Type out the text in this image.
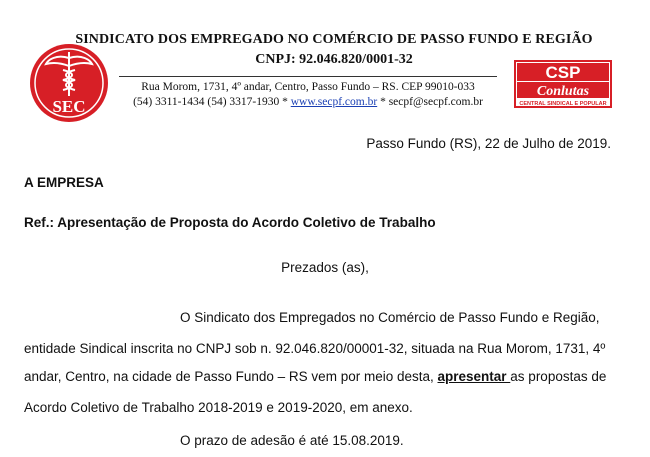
SEC
SINDICATO DOS EMPREGADO NO COMÉRCIO DE PASSO FUNDO E REGIÃO
CNPJ: 92.046.820/0001-32
Rua Morom, 1731, 4º andar, Centro, Passo Fundo – RS. CEP 99010-033
(54) 3311-1434 (54) 3317-1930 * www.secpf.com.br * secpf@secpf.com.br
CSP
Conlutas
CENTRAL SINDICAL E POPULAR
Passo Fundo (RS), 22 de Julho de 2019.
A EMPRESA
Ref.: Apresentação de Proposta do Acordo Coletivo de Trabalho
Prezados (as),
O Sindicato dos Empregados no Comércio de Passo Fundo e Região,
entidade Sindical inscrita no CNPJ sob n. 92.046.820/00001-32, situada na Rua Morom, 1731, 4º
andar, Centro, na cidade de Passo Fundo – RS vem por meio desta, apresentar as propostas de
Acordo Coletivo de Trabalho 2018-2019 e 2019-2020, em anexo.
O prazo de adesão é até 15.08.2019.
